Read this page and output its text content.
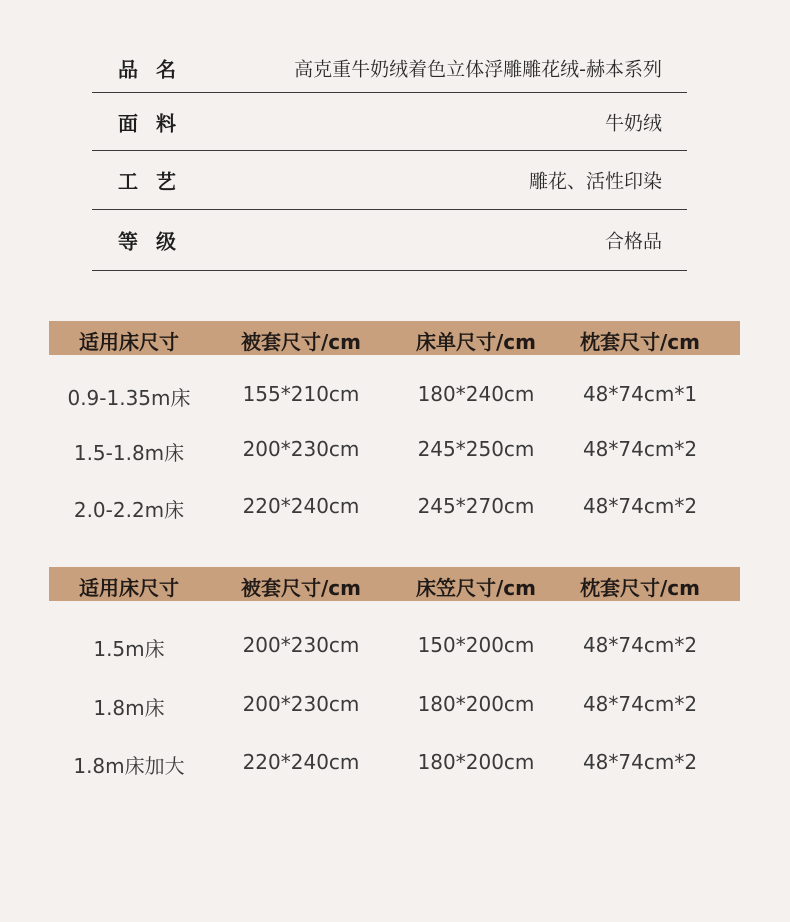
品名	高克重牛奶绒着色立体浮雕雕花绒-赫本系列
面料	牛奶绒
工艺	雕花、活性印染
等级	合格品
适用床尺寸	被套尺寸/cm	床单尺寸/cm 枕套尺寸/cm
0.9-1.35m床	155*210cm	180*240cm 48*74cm*1
1.5-1.8m床	200*230cm	245*250cm 48*74cm*2
2.0-2.2m床	220*240cm	245*270cm 48*74cm*2
适用床尺寸	被套尺寸/cm	床笠尺寸/cm 枕套尺寸/cm
1.5m床	200*230cm	150*200cm 48*74cm*2
1.8m床	200*230cm	180*200cm 48*74cm*2
1.8m床加大	220*240cm	180*200cm 48*74cm*2
